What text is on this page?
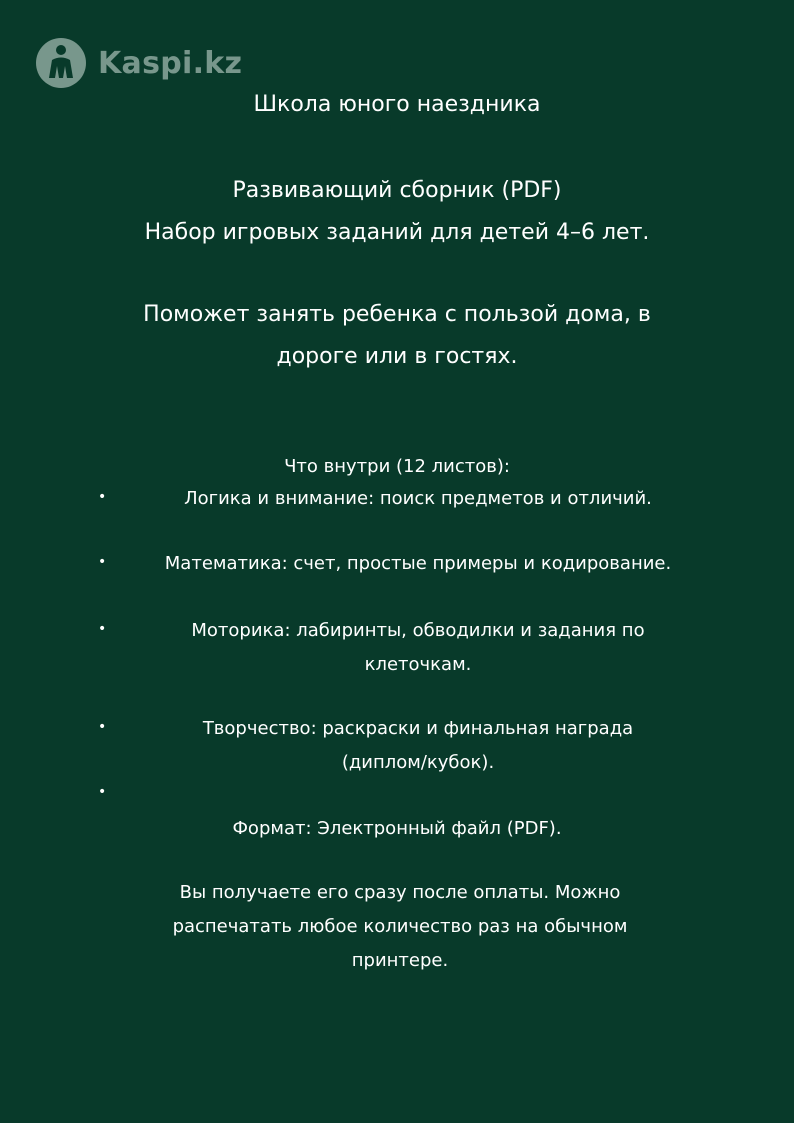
Kaspi.kz
Школа юного наездника
Развивающий сборник (PDF)
Набор игровых заданий для детей 4–6 лет.
Поможет занять ребенка с пользой дома, в
дороге или в гостях.
Что внутри (12 листов):
•	Логика и внимание: поиск предметов и отличий.
•	Математика: счет, простые примеры и кодирование.
•	Моторика: лабиринты, обводилки и задания по
клеточкам.
•	Творчество: раскраски и финальная награда
(диплом/кубок).
•
Формат: Электронный файл (PDF).
Вы получаете его сразу после оплаты. Можно
распечатать любое количество раз на обычном
принтере.
